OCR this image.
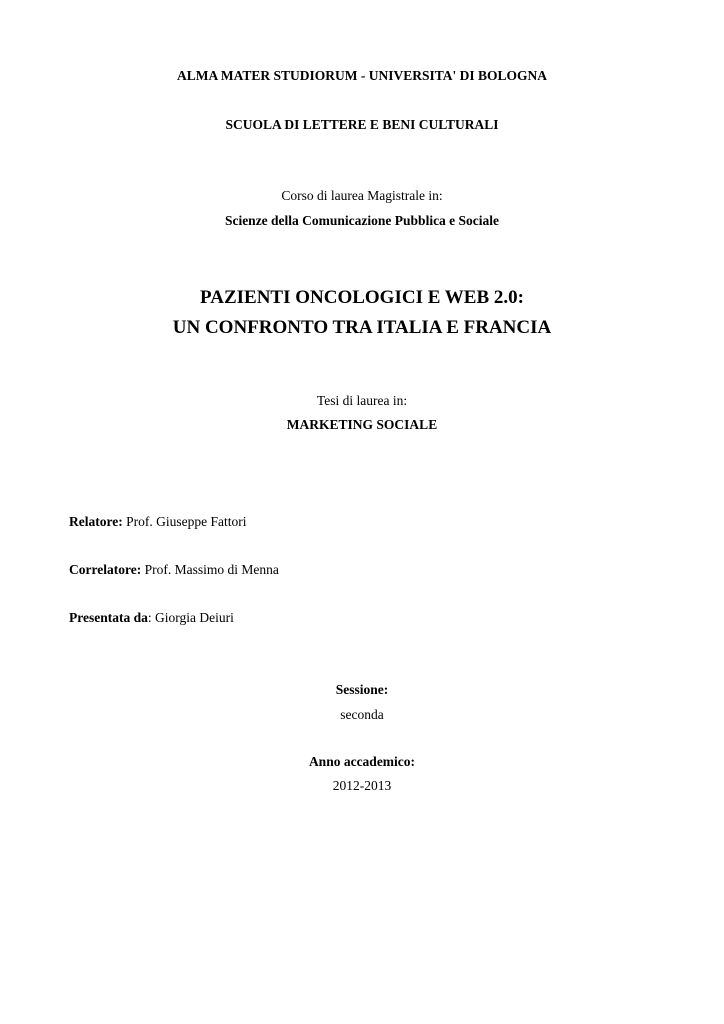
ALMA MATER STUDIORUM - UNIVERSITA' DI BOLOGNA
SCUOLA DI LETTERE E BENI CULTURALI
Corso di laurea Magistrale in:
Scienze della Comunicazione Pubblica e Sociale
PAZIENTI ONCOLOGICI E WEB 2.0:
UN CONFRONTO TRA ITALIA E FRANCIA
Tesi di laurea in:
MARKETING SOCIALE
Relatore: Prof. Giuseppe Fattori
Correlatore: Prof. Massimo di Menna
Presentata da: Giorgia Deiuri
Sessione:
seconda
Anno accademico:
2012-2013
